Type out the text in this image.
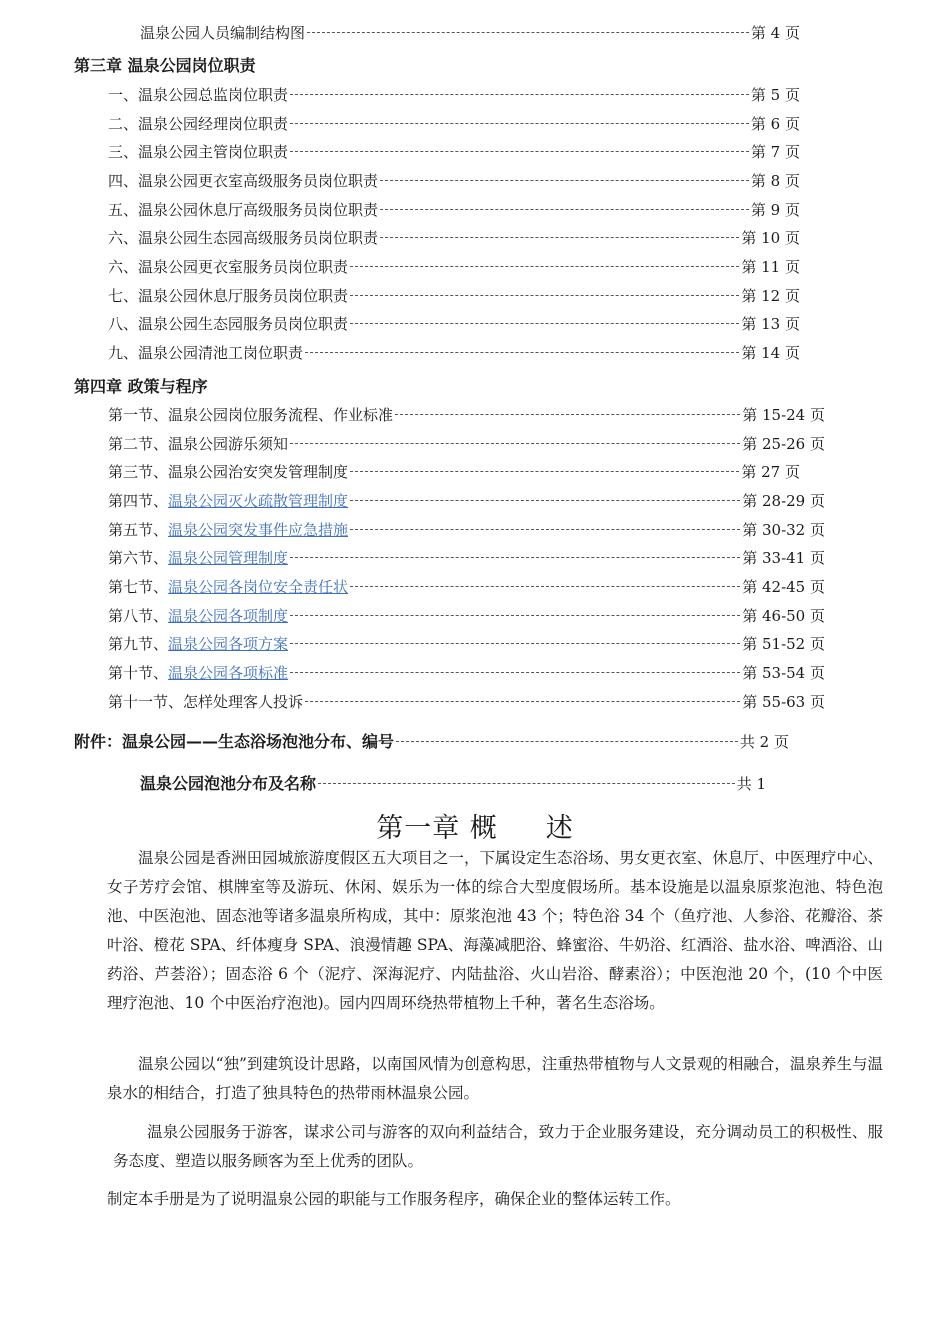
温泉公园人员编制结构图	第 4 页
第三章 温泉公园岗位职责
一、温泉公园总监岗位职责	第 5 页
二、温泉公园经理岗位职责	第 6 页
三、温泉公园主管岗位职责	第 7 页
四、温泉公园更衣室高级服务员岗位职责	第 8 页
五、温泉公园休息厅高级服务员岗位职责	第 9 页
六、温泉公园生态园高级服务员岗位职责	第 10 页
六、温泉公园更衣室服务员岗位职责	第 11 页
七、温泉公园休息厅服务员岗位职责	第 12 页
八、温泉公园生态园服务员岗位职责	第 13 页
九、温泉公园清池工岗位职责	第 14 页
第四章 政策与程序
第一节、温泉公园岗位服务流程、作业标准	第 15-24 页
第二节、温泉公园游乐须知	第 25-26 页
第三节、温泉公园治安突发管理制度	第 27 页
第四节、温泉公园灭火疏散管理制度	第 28-29 页
第五节、温泉公园突发事件应急措施	第 30-32 页
第六节、温泉公园管理制度	第 33-41 页
第七节、温泉公园各岗位安全责任状	第 42-45 页
第八节、温泉公园各项制度	第 46-50 页
第九节、温泉公园各项方案	第 51-52 页
第十节、温泉公园各项标准	第 53-54 页
第十一节、怎样处理客人投诉	第 55-63 页
附件：温泉公园——生态浴场泡池分布、编号	共 2 页
温泉公园泡池分布及名称	共 1
第一章 概 述

温泉公园是香洲田园城旅游度假区五大项目之一，下属设定生态浴场、男女更衣室、休息厅、中医理疗中心、女子芳疗会馆、棋牌室等及游玩、休闲、娱乐为一体的综合大型度假场所。基本设施是以温泉原浆泡池、特色泡池、中医泡池、固态池等诸多温泉所构成，其中：原浆泡池 43 个；特色浴 34 个（鱼疗池、人参浴、花瓣浴、茶叶浴、橙花 SPA、纤体瘦身 SPA、浪漫情趣 SPA、海藻减肥浴、蜂蜜浴、牛奶浴、红酒浴、盐水浴、啤酒浴、山药浴、芦荟浴）；固态浴 6 个（泥疗、深海泥疗、内陆盐浴、火山岩浴、酵素浴）；中医泡池 20 个，(10 个中医理疗泡池、10 个中医治疗泡池)。园内四周环绕热带植物上千种，著名生态浴场。

温泉公园以“独”到建筑设计思路，以南国风情为创意构思，注重热带植物与人文景观的相融合，温泉养生与温泉水的相结合，打造了独具特色的热带雨林温泉公园。

温泉公园服务于游客，谋求公司与游客的双向利益结合，致力于企业服务建设，充分调动员工的积极性、服务态度、塑造以服务顾客为至上优秀的团队。

制定本手册是为了说明温泉公园的职能与工作服务程序，确保企业的整体运转工作。
